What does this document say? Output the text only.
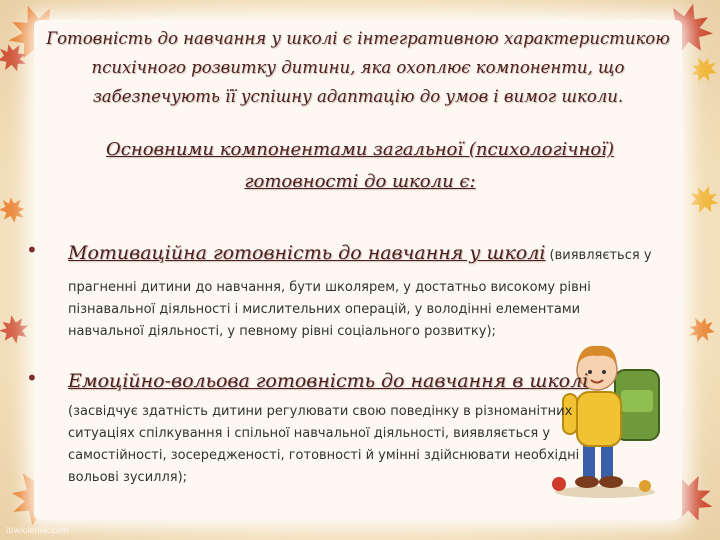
Готовність до навчання у школі є інтегративною характеристикою
психічного розвитку дитини, яка охоплює компоненти, що
забезпечують її успішну адаптацію до умов і вимог школи.
Основними компонентами загальної (психологічної)
готовності до школи є:
•	Мотиваційна готовність до навчання у школі (виявляється у
прагненні дитини до навчання, бути школярем, у достатньо високому рівні
пізнавальної діяльності і мислительних операцій, у володінні елементами
навчальної діяльності, у певному рівні соціального розвитку);
•	Емоційно-вольова готовність до навчання в школі
(засвідчує здатність дитини регулювати свою поведінку в різноманітних
ситуаціях спілкування і спільної навчальної діяльності, виявляється у
самостійності, зосередженості, готовності й умінні здійснювати необхідні
вольові зусилля);
itiwlolenok.com
